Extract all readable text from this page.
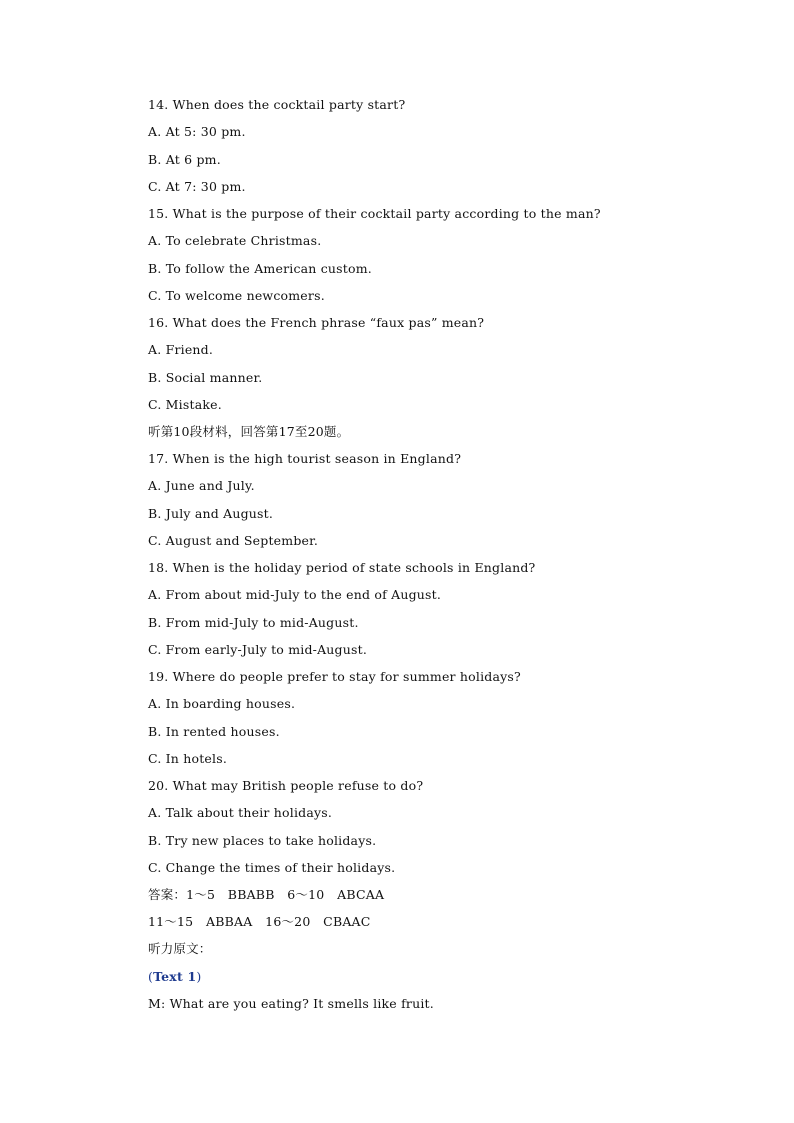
14. When does the cocktail party start?
A. At 5: 30 pm.
B. At 6 pm.
C. At 7: 30 pm.
15. What is the purpose of their cocktail party according to the man?
A. To celebrate Christmas.
B. To follow the American custom.
C. To welcome newcomers.
16. What does the French phrase “faux pas” mean?
A. Friend.
B. Social manner.
C. Mistake.
听第10段材料，回答第17至20题。
17. When is the high tourist season in England?
A. June and July.
B. July and August.
C. August and September.
18. When is the holiday period of state schools in England?
A. From about mid-July to the end of August.
B. From mid-July to mid-August.
C. From early-July to mid-August.
19. Where do people prefer to stay for summer holidays?
A. In boarding houses.
B. In rented houses.
C. In hotels.
20. What may British people refuse to do?
A. Talk about their holidays.
B. Try new places to take holidays.
C. Change the times of their holidays.
答案：1～5　BBABB　6～10　ABCAA
11～15　ABBAA　16～20　CBAAC
听力原文：
(Text 1)
M: What are you eating? It smells like fruit.
